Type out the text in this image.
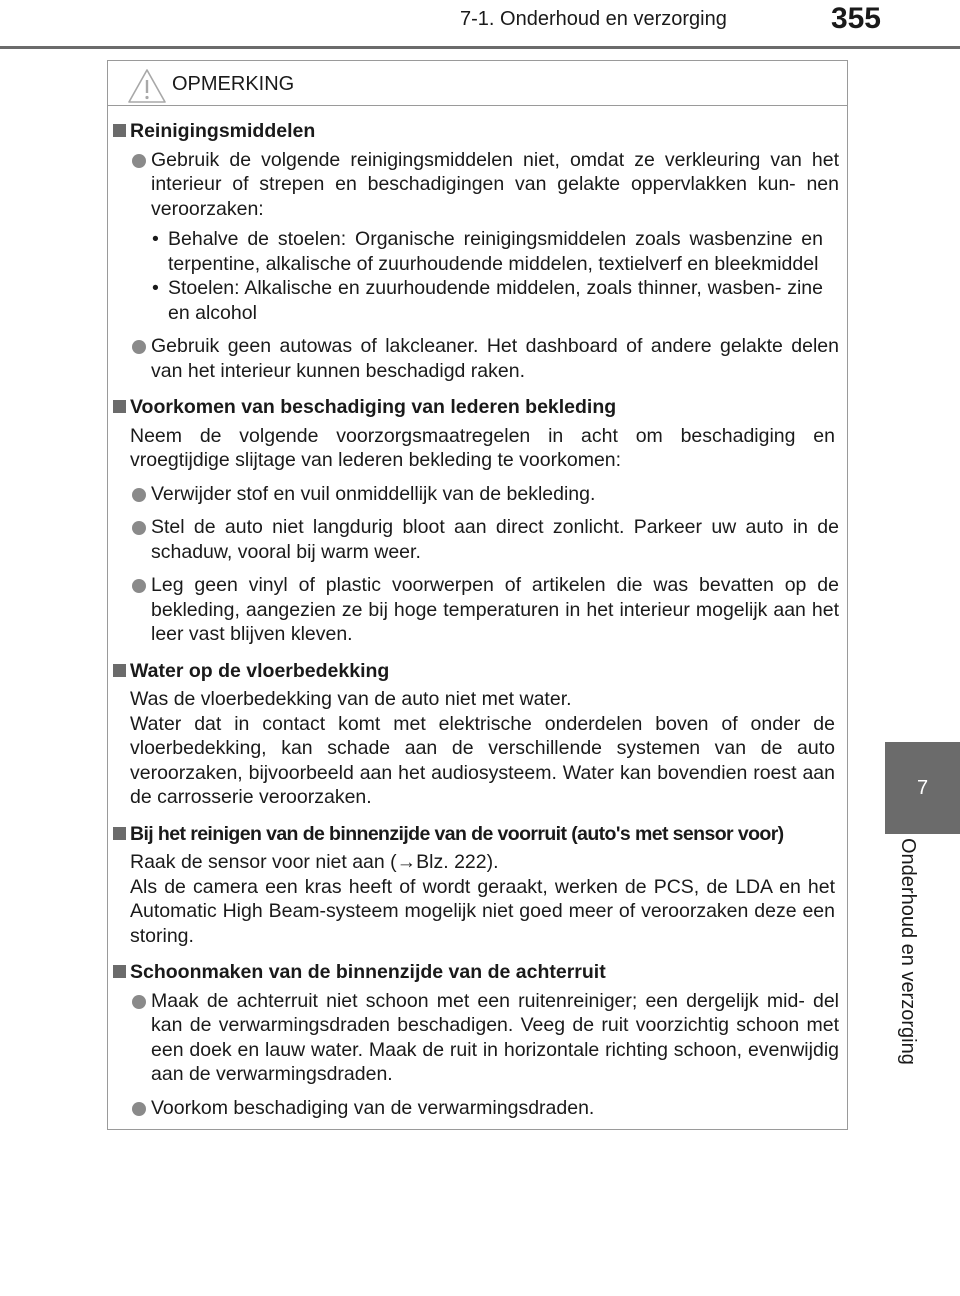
7-1. Onderhoud en verzorging	355
7
Onderhoud en verzorging
OPMERKING
Reinigingsmiddelen
Gebruik de volgende reinigingsmiddelen niet, omdat ze verkleuring van het interieur of strepen en beschadigingen van gelakte oppervlakken kun- nen veroorzaken:
• Behalve de stoelen: Organische reinigingsmiddelen zoals wasbenzine en terpentine, alkalische of zuurhoudende middelen, textielverf en bleekmiddel
• Stoelen: Alkalische en zuurhoudende middelen, zoals thinner, wasben- zine en alcohol
Gebruik geen autowas of lakcleaner. Het dashboard of andere gelakte delen van het interieur kunnen beschadigd raken.
Voorkomen van beschadiging van lederen bekleding
Neem de volgende voorzorgsmaatregelen in acht om beschadiging en vroegtijdige slijtage van lederen bekleding te voorkomen:
Verwijder stof en vuil onmiddellijk van de bekleding.
Stel de auto niet langdurig bloot aan direct zonlicht. Parkeer uw auto in de schaduw, vooral bij warm weer.
Leg geen vinyl of plastic voorwerpen of artikelen die was bevatten op de bekleding, aangezien ze bij hoge temperaturen in het interieur mogelijk aan het leer vast blijven kleven.
Water op de vloerbedekking
Was de vloerbedekking van de auto niet met water.
Water dat in contact komt met elektrische onderdelen boven of onder de vloerbedekking, kan schade aan de verschillende systemen van de auto veroorzaken, bijvoorbeeld aan het audiosysteem. Water kan bovendien roest aan de carrosserie veroorzaken.
Bij het reinigen van de binnenzijde van de voorruit (auto's met sensor voor)
Raak de sensor voor niet aan (→Blz. 222).
Als de camera een kras heeft of wordt geraakt, werken de PCS, de LDA en het Automatic High Beam-systeem mogelijk niet goed meer of veroorzaken deze een storing.
Schoonmaken van de binnenzijde van de achterruit
Maak de achterruit niet schoon met een ruitenreiniger; een dergelijk mid- del kan de verwarmingsdraden beschadigen. Veeg de ruit voorzichtig schoon met een doek en lauw water. Maak de ruit in horizontale richting schoon, evenwijdig aan de verwarmingsdraden.
Voorkom beschadiging van de verwarmingsdraden.
